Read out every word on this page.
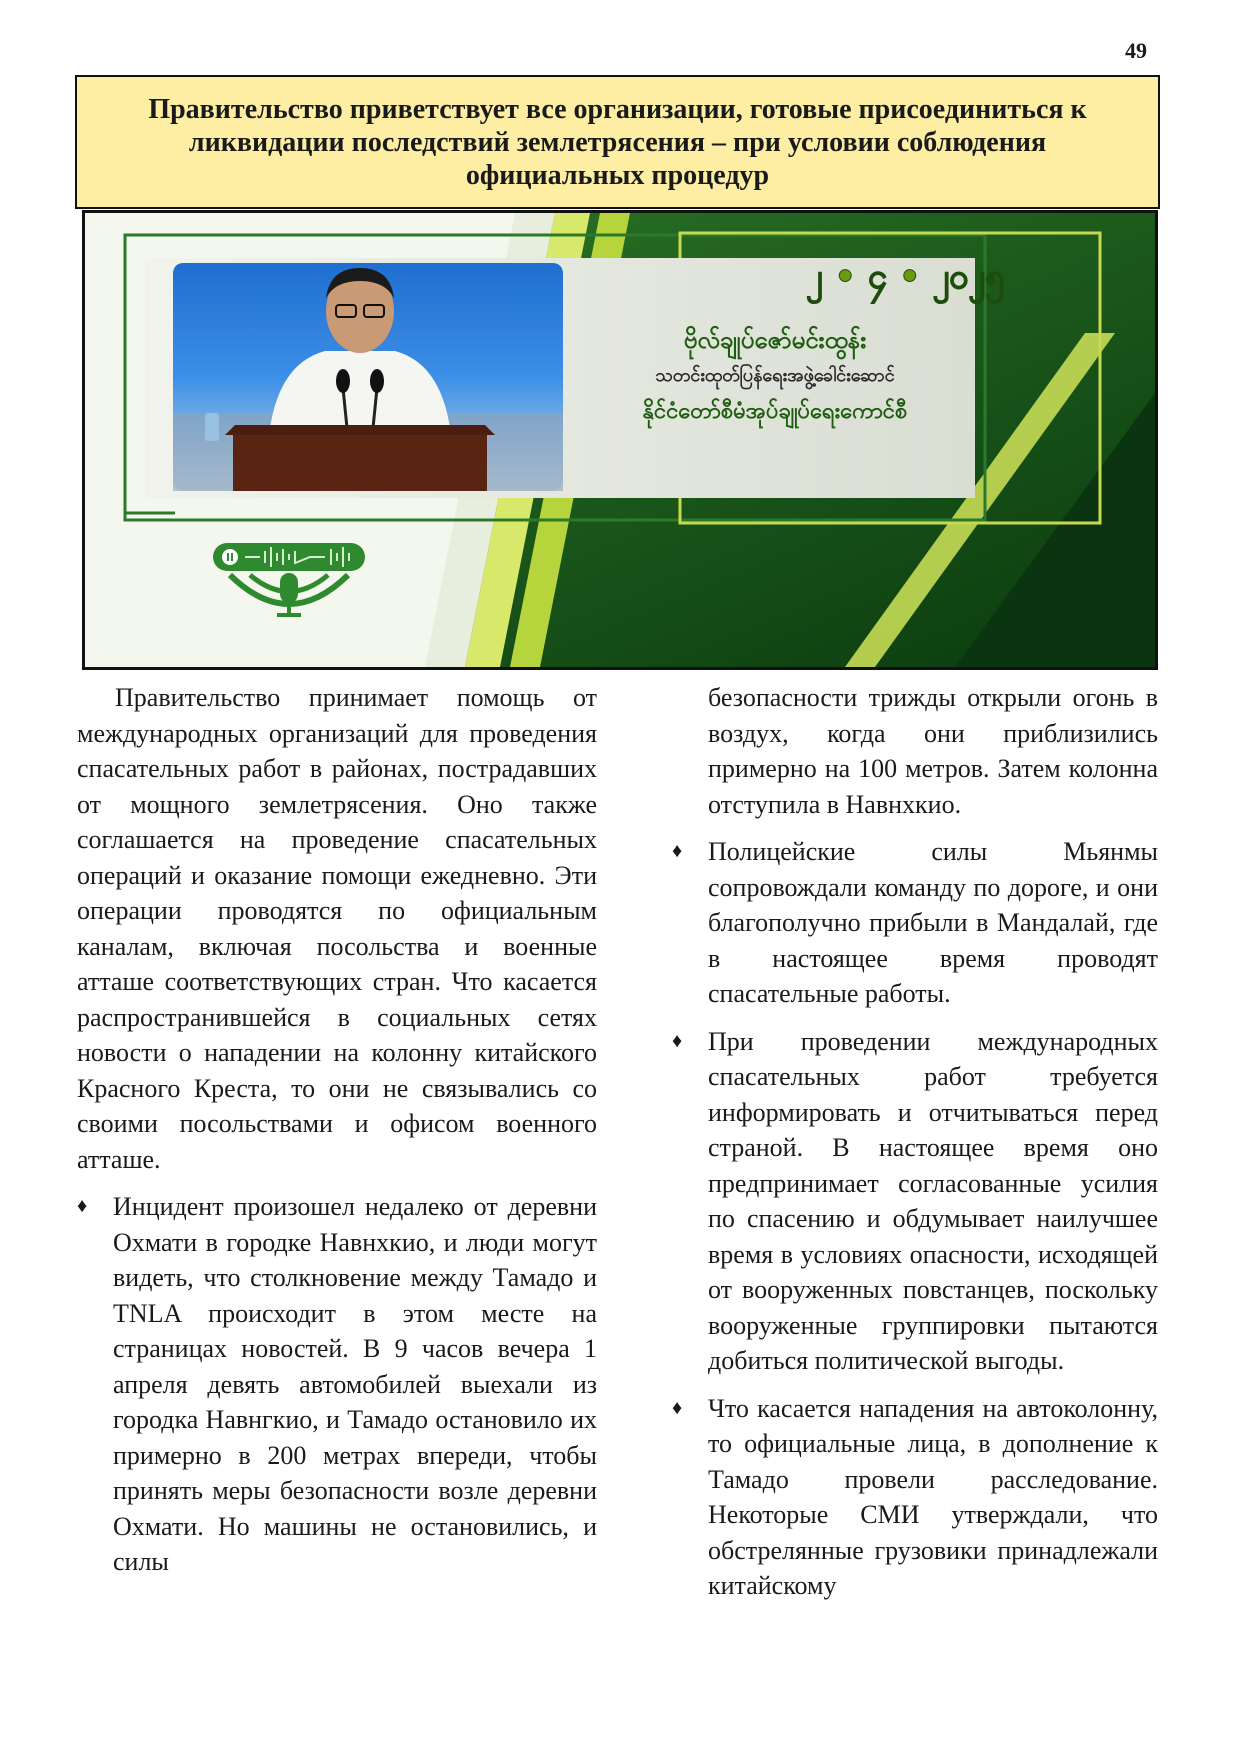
49
Правительство приветствует все организации, готовые присоединиться к ликвидации последствий землетрясения – при условии соблюдения официальных процедур
၂ • ၄ • ၂၀၂၅
ဗိုလ်ချုပ်ဇော်မင်းထွန်း
သတင်းထုတ်ပြန်ရေးအဖွဲ့ခေါင်းဆောင်
နိုင်ငံတော်စီမံအုပ်ချုပ်ရေးကောင်စီ

Правительство принимает помощь от международных организаций для проведения спасательных работ в районах, пострадавших от мощного землетрясения. Оно также соглашается на проведение спасательных операций и оказание помощи ежедневно. Эти операции проводятся по официальным каналам, включая посольства и военные атташе соответствующих стран. Что касается распространившейся в социальных сетях новости о нападении на колонну китайского Красного Креста, то они не связывались со своими посольствами и офисом военного атташе.

♦ Инцидент произошел недалеко от деревни Охмати в городке Навнхкио, и люди могут видеть, что столкновение между Тамадо и TNLA происходит в этом месте на страницах новостей. В 9 часов вечера 1 апреля девять автомобилей выехали из городка Навнгкио, и Тамадо остановило их примерно в 200 метрах впереди, чтобы принять меры безопасности возле деревни Охмати. Но машины не остановились, и силы

безопасности трижды открыли огонь в воздух, когда они приблизились примерно на 100 метров. Затем колонна отступила в Навнхкио.

♦ Полицейские силы Мьянмы сопровождали команду по дороге, и они благополучно прибыли в Мандалай, где в настоящее время проводят спасательные работы.

♦ При проведении международных спасательных работ требуется информировать и отчитываться перед страной. В настоящее время оно предпринимает согласованные усилия по спасению и обдумывает наилучшее время в условиях опасности, исходящей от вооруженных повстанцев, поскольку вооруженные группировки пытаются добиться политической выгоды.

♦ Что касается нападения на автоколонну, то официальные лица, в дополнение к Тамадо провели расследование. Некоторые СМИ утверждали, что обстрелянные грузовики принадлежали китайскому
